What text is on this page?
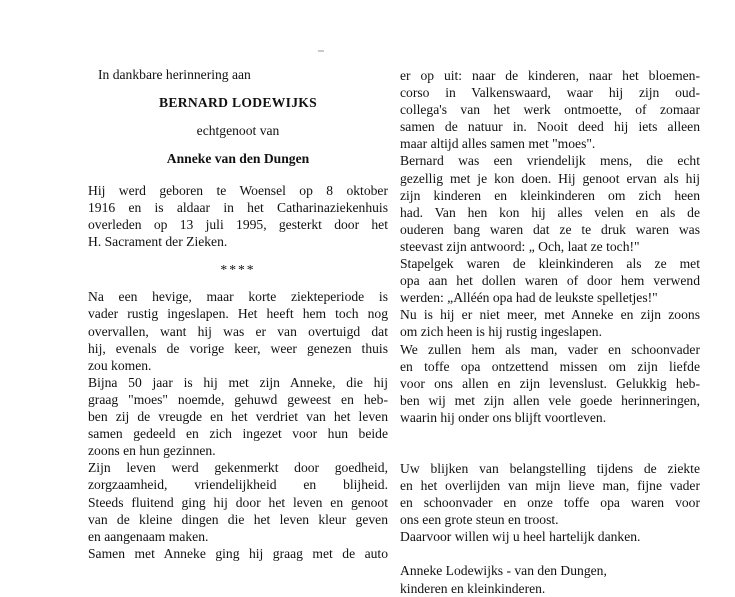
In dankbare herinnering aan
BERNARD LODEWIJKS
echtgenoot van
Anneke van den Dungen
Hij werd geboren te Woensel op 8 oktober
1916 en is aldaar in het Catharinaziekenhuis
overleden op 13 juli 1995, gesterkt door het
H. Sacrament der Zieken.
****
Na een hevige, maar korte ziekteperiode is
vader rustig ingeslapen. Het heeft hem toch nog
overvallen, want hij was er van overtuigd dat
hij, evenals de vorige keer, weer genezen thuis
zou komen.
Bijna 50 jaar is hij met zijn Anneke, die hij
graag "moes" noemde, gehuwd geweest en heb-
ben zij de vreugde en het verdriet van het leven
samen gedeeld en zich ingezet voor hun beide
zoons en hun gezinnen.
Zijn leven werd gekenmerkt door goedheid,
zorgzaamheid, vriendelijkheid en blijheid.
Steeds fluitend ging hij door het leven en genoot
van de kleine dingen die het leven kleur geven
en aangenaam maken.
Samen met Anneke ging hij graag met de auto
er op uit: naar de kinderen, naar het bloemen-
corso in Valkenswaard, waar hij zijn oud-
collega's van het werk ontmoette, of zomaar
samen de natuur in. Nooit deed hij iets alleen
maar altijd alles samen met "moes".
Bernard was een vriendelijk mens, die echt
gezellig met je kon doen. Hij genoot ervan als hij
zijn kinderen en kleinkinderen om zich heen
had. Van hen kon hij alles velen en als de
ouderen bang waren dat ze te druk waren was
steevast zijn antwoord: „ Och, laat ze toch!"
Stapelgek waren de kleinkinderen als ze met
opa aan het dollen waren of door hem verwend
werden: „Alléén opa had de leukste spelletjes!"
Nu is hij er niet meer, met Anneke en zijn zoons
om zich heen is hij rustig ingeslapen.
We zullen hem als man, vader en schoonvader
en toffe opa ontzettend missen om zijn liefde
voor ons allen en zijn levenslust. Gelukkig heb-
ben wij met zijn allen vele goede herinneringen,
waarin hij onder ons blijft voortleven.
Uw blijken van belangstelling tijdens de ziekte
en het overlijden van mijn lieve man, fijne vader
en schoonvader en onze toffe opa waren voor
ons een grote steun en troost.
Daarvoor willen wij u heel hartelijk danken.
Anneke Lodewijks - van den Dungen,
kinderen en kleinkinderen.
